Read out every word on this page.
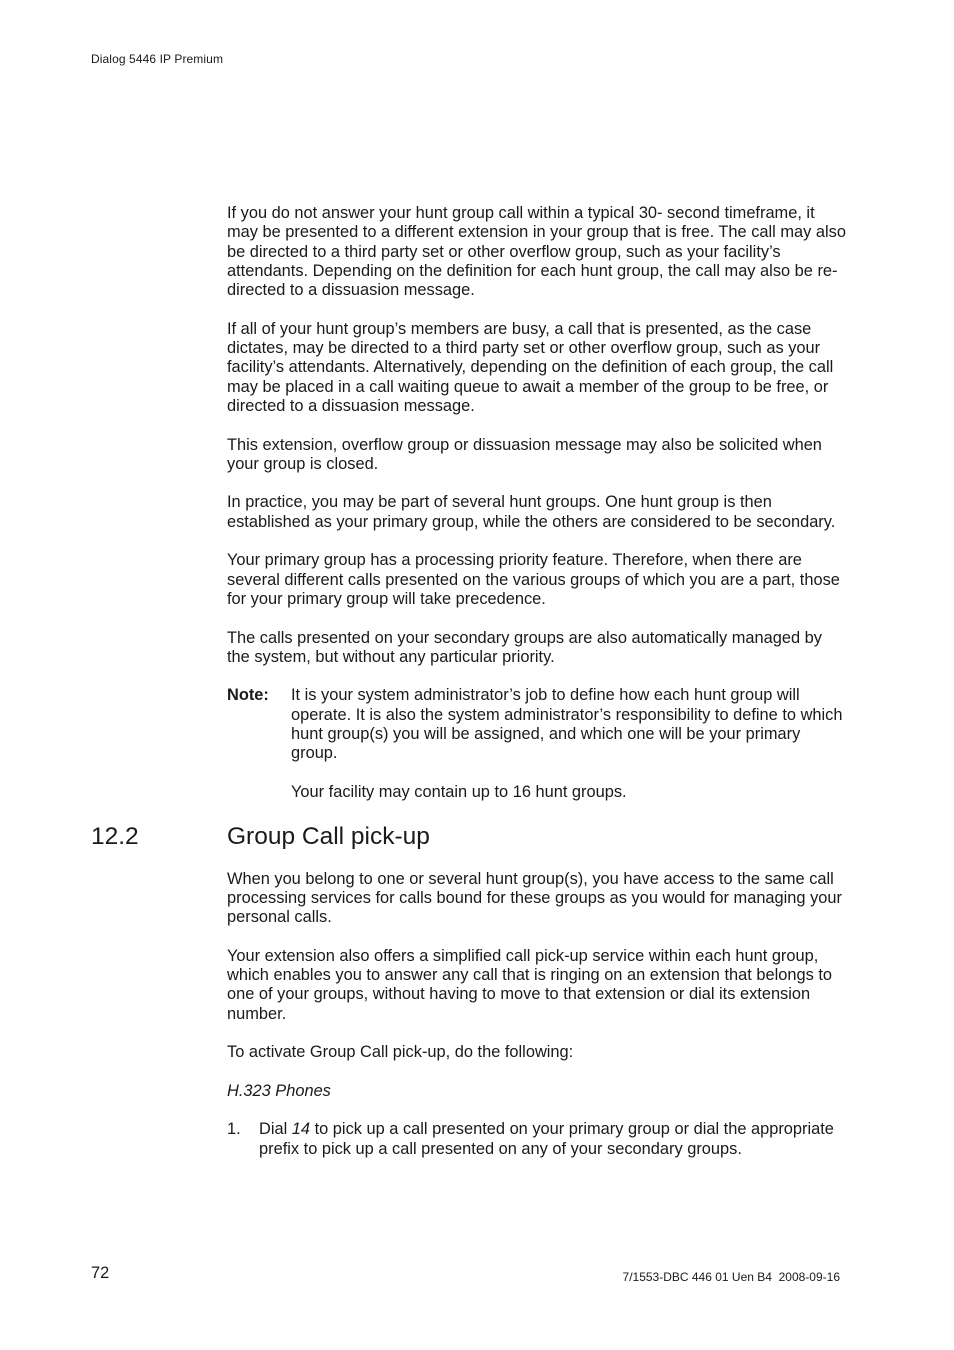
Dialog 5446 IP Premium

If you do not answer your hunt group call within a typical 30- second timeframe, it may be presented to a different extension in your group that is free. The call may also be directed to a third party set or other overflow group, such as your facility’s attendants. Depending on the definition for each hunt group, the call may also be re-directed to a dissuasion message.

If all of your hunt group’s members are busy, a call that is presented, as the case dictates, may be directed to a third party set or other overflow group, such as your facility’s attendants. Alternatively, depending on the definition of each group, the call may be placed in a call waiting queue to await a member of the group to be free, or directed to a dissuasion message.

This extension, overflow group or dissuasion message may also be solicited when your group is closed.

In practice, you may be part of several hunt groups. One hunt group is then established as your primary group, while the others are considered to be secondary.

Your primary group has a processing priority feature. Therefore, when there are several different calls presented on the various groups of which you are a part, those for your primary group will take precedence.

The calls presented on your secondary groups are also automatically managed by the system, but without any particular priority.

Note:	It is your system administrator’s job to define how each hunt group will operate. It is also the system administrator’s responsibility to define to which hunt group(s) you will be assigned, and which one will be your primary group.

Your facility may contain up to 16 hunt groups.

12.2	Group Call pick-up

When you belong to one or several hunt group(s), you have access to the same call processing services for calls bound for these groups as you would for managing your personal calls.

Your extension also offers a simplified call pick-up service within each hunt group, which enables you to answer any call that is ringing on an extension that belongs to one of your groups, without having to move to that extension or dial its extension number.

To activate Group Call pick-up, do the following:

H.323 Phones

1.	Dial 14 to pick up a call presented on your primary group or dial the appropriate prefix to pick up a call presented on any of your secondary groups.
72	7/1553-DBC 446 01 Uen B4  2008-09-16
